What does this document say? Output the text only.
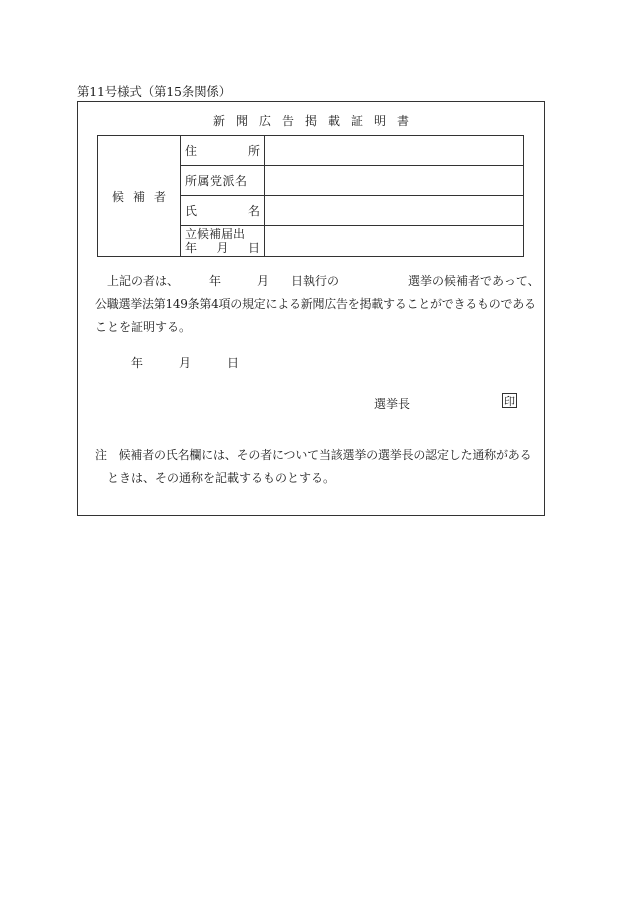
第11号様式（第15条関係）
新聞広告掲載証明書
候補者	住 所	

	所属党派名	

	氏 名	

	立候補届出
年 月 日	

上記の者は、 年	月 日執行の	選挙の候補者であって、
公職選挙法第149条第4項の規定による新聞広告を掲載することができるものである
ことを証明する。
年	月	日
選挙長	印
注　候補者の氏名欄には、その者について当該選挙の選挙長の認定した通称がある
ときは、その通称を記載するものとする。
